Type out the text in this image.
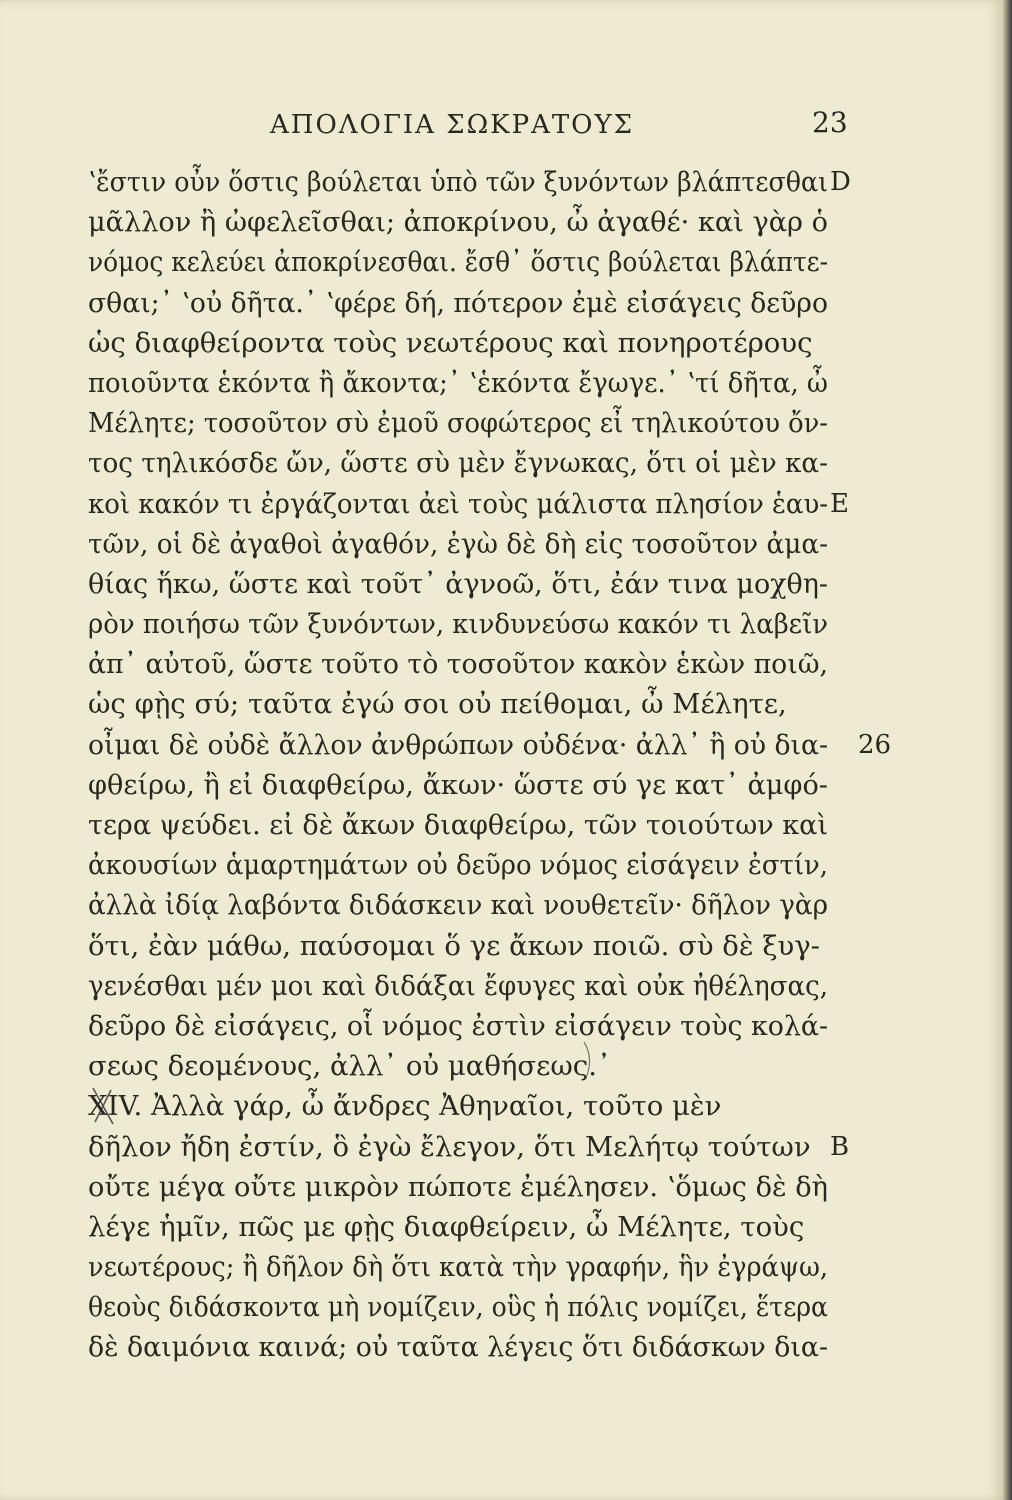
ΑΠΟΛΟΓΙΑ ΣΩΚΡΑΤΟΥΣ	23
ʽἔστιν οὖν ὅστις βούλεται ὑπὸ τῶν ξυνόντων βλάπτεσθαι D
μᾶλλον ἢ ὠφελεῖσθαι; ἀποκρίνου, ὦ ἀγαθέ· καὶ γὰρ ὁ
νόμος κελεύει ἀποκρίνεσθαι. ἔσθ᾽ ὅστις βούλεται βλάπτε-
σθαι;᾽ ʽοὐ δῆτα.᾽ ʽφέρε δή, πότερον ἐμὲ εἰσάγεις δεῦρο
ὡς διαφθείροντα τοὺς νεωτέρους καὶ πονηροτέρους
ποιοῦντα ἑκόντα ἢ ἄκοντα;᾽ ʽἑκόντα ἔγωγε.᾽ ʽτί δῆτα, ὦ
Μέλητε; τοσοῦτον σὺ ἐμοῦ σοφώτερος εἶ τηλικούτου ὄν-
τος τηλικόσδε ὤν, ὥστε σὺ μὲν ἔγνωκας, ὅτι οἱ μὲν κα-
κοὶ κακόν τι ἐργάζονται ἀεὶ τοὺς μάλιστα πλησίον ἑαυ- E
τῶν, οἱ δὲ ἀγαθοὶ ἀγαθόν, ἐγὼ δὲ δὴ εἰς τοσοῦτον ἀμα-
θίας ἥκω, ὥστε καὶ τοῦτ᾽ ἀγνοῶ, ὅτι, ἐάν τινα μοχθη-
ρὸν ποιήσω τῶν ξυνόντων, κινδυνεύσω κακόν τι λαβεῖν
ἀπ᾽ αὐτοῦ, ὥστε τοῦτο τὸ τοσοῦτον κακὸν ἑκὼν ποιῶ,
ὡς φῂς σύ; ταῦτα ἐγώ σοι οὐ πείθομαι, ὦ Μέλητε,
οἶμαι δὲ οὐδὲ ἄλλον ἀνθρώπων οὐδένα· ἀλλ᾽ ἢ οὐ δια- 26
φθείρω, ἢ εἰ διαφθείρω, ἄκων· ὥστε σύ γε κατ᾽ ἀμφό-
τερα ψεύδει. εἰ δὲ ἄκων διαφθείρω, τῶν τοιούτων καὶ
ἀκουσίων ἁμαρτημάτων οὐ δεῦρο νόμος εἰσάγειν ἐστίν,
ἀλλὰ ἰδίᾳ λαβόντα διδάσκειν καὶ νουθετεῖν· δῆλον γὰρ
ὅτι, ἐὰν μάθω, παύσομαι ὅ γε ἄκων ποιῶ. σὺ δὲ ξυγ-
γενέσθαι μέν μοι καὶ διδάξαι ἔφυγες καὶ οὐκ ἠθέλησας,
δεῦρο δὲ εἰσάγεις, οἷ νόμος ἐστὶν εἰσάγειν τοὺς κολά-
σεως δεομένους, ἀλλ᾽ οὐ μαθήσεως.᾽
XIV. Ἀλλὰ γάρ, ὦ ἄνδρες Ἀθηναῖοι, τοῦτο μὲν
δῆλον ἤδη ἐστίν, ὃ ἐγὼ ἔλεγον, ὅτι Μελήτῳ τούτων B
οὔτε μέγα οὔτε μικρὸν πώποτε ἐμέλησεν. ʽὅμως δὲ δὴ
λέγε ἡμῖν, πῶς με φῂς διαφθείρειν, ὦ Μέλητε, τοὺς
νεωτέρους; ἢ δῆλον δὴ ὅτι κατὰ τὴν γραφήν, ἣν ἐγράψω,
θεοὺς διδάσκοντα μὴ νομίζειν, οὓς ἡ πόλις νομίζει, ἕτερα
δὲ δαιμόνια καινά; οὐ ταῦτα λέγεις ὅτι διδάσκων δια-
